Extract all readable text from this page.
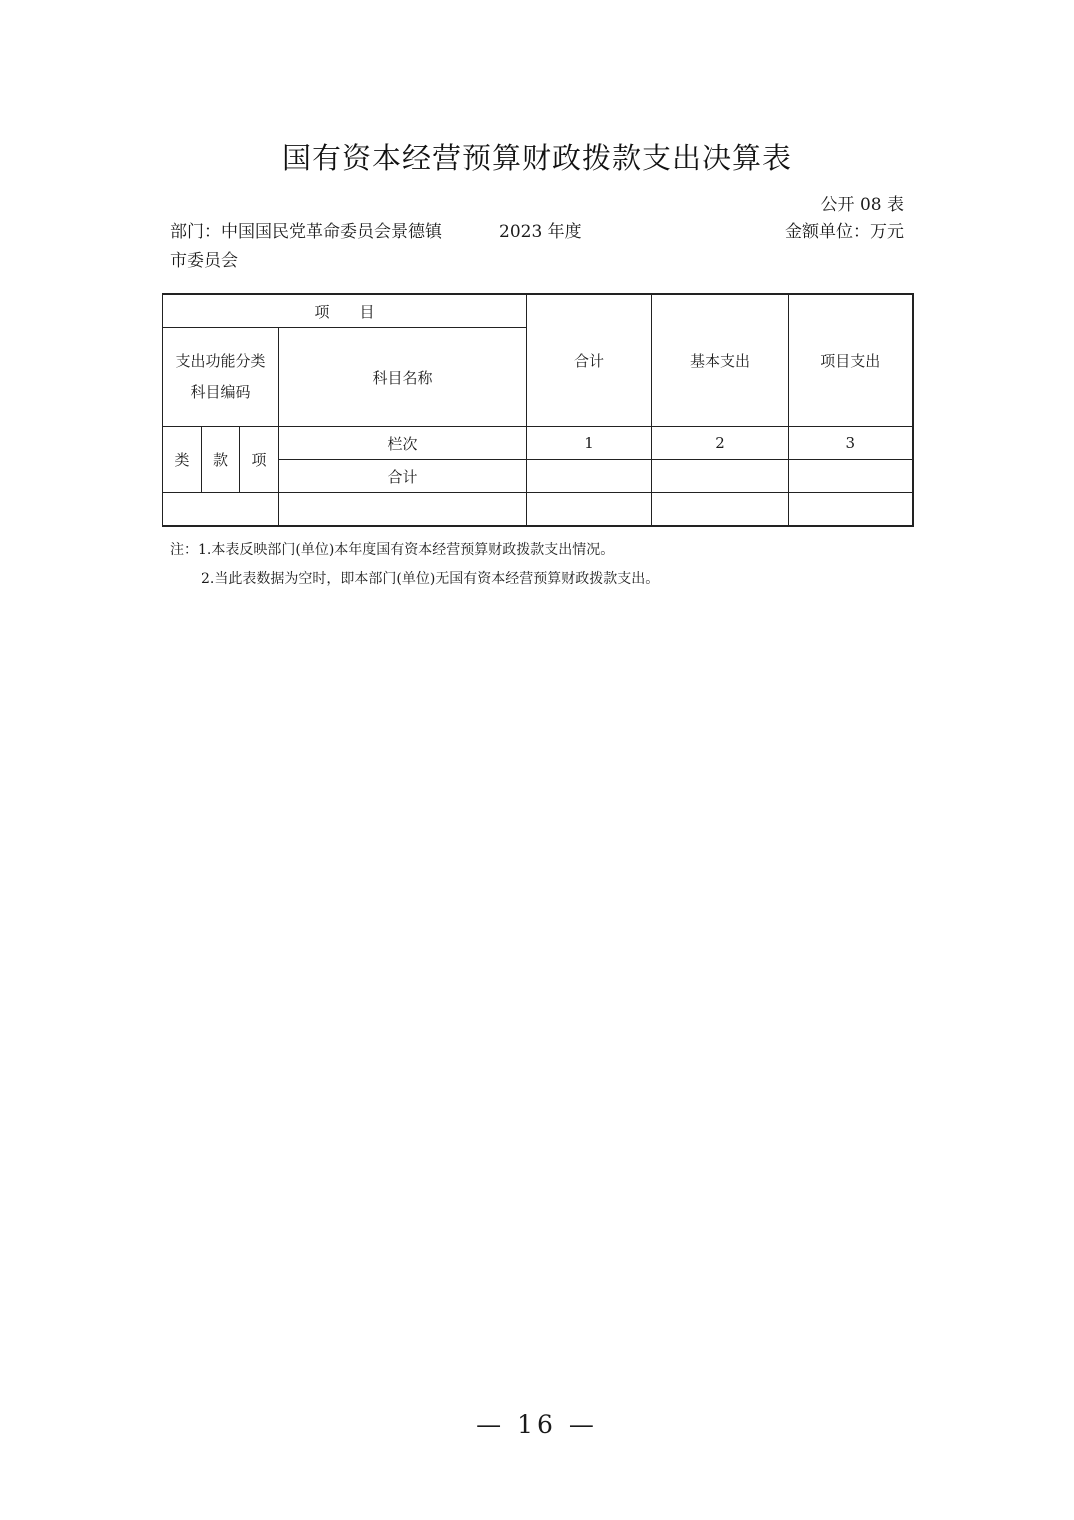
国有资本经营预算财政拨款支出决算表
公开 08 表
部门：中国国民党革命委员会景德镇市委员会
2023 年度	金额单位：万元
项　　目				合计	基本支出	项目支出

支出功能分类科目编码			科目名称			
类	款	项	栏次	1	2	3
			合计			

注：1.本表反映部门(单位)本年度国有资本经营预算财政拨款支出情况。
2.当此表数据为空时，即本部门(单位)无国有资本经营预算财政拨款支出。
— 16 —
